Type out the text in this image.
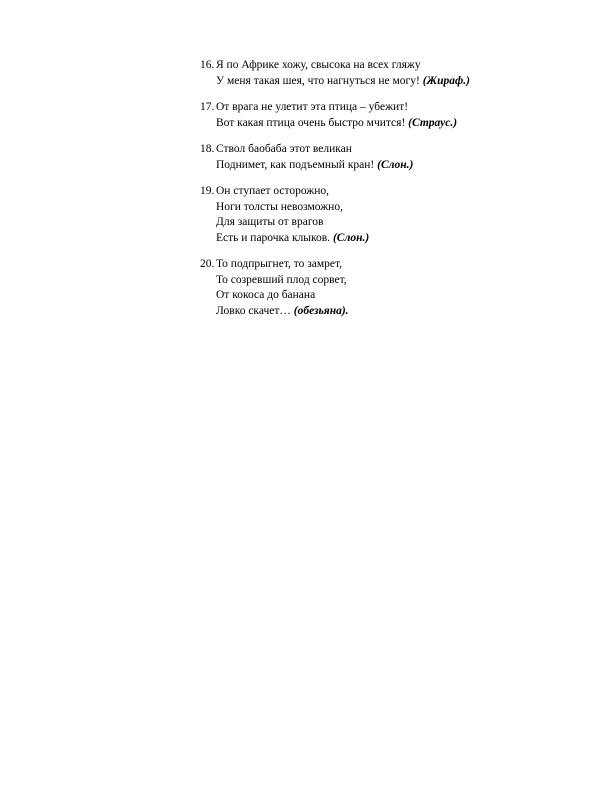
16. Я по Африке хожу, свысока на всех гляжу
У меня такая шея, что нагнуться не могу! (Жираф.)
17. От врага не улетит эта птица – убежит!
Вот какая птица очень быстро мчится! (Страус.)
18. Ствол баобаба этот великан
Поднимет, как подъемный кран! (Слон.)
19. Он ступает осторожно,
Ноги толсты невозможно,
Для защиты от врагов
Есть и парочка клыков. (Слон.)
20. То подпрыгнет, то замрет,
То созревший плод сорвет,
От кокоса до банана
Ловко скачет… (обезьяна).
